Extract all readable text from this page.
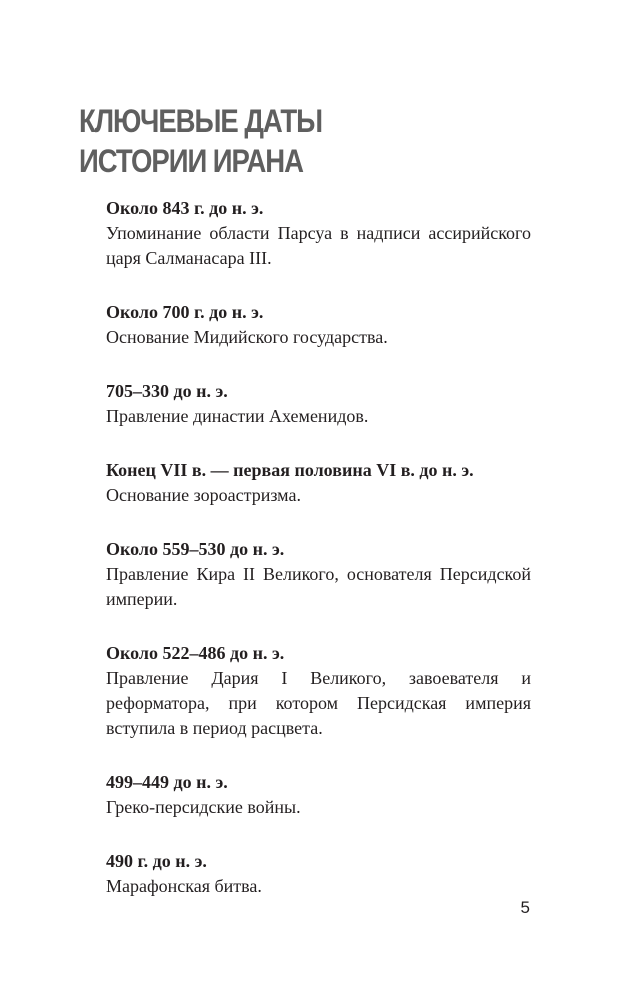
КЛЮЧЕВЫЕ ДАТЫ
ИСТОРИИ ИРАНА
Около 843 г. до н. э.
Упоминание области Парсуа в надписи ассирийского царя Салманасара III.
Около 700 г. до н. э.
Основание Мидийского государства.
705–330 до н. э.
Правление династии Ахеменидов.
Конец VII в. — первая половина VI в. до н. э.
Основание зороастризма.
Около 559–530 до н. э.
Правление Кира II Великого, основателя Персидской империи.
Около 522–486 до н. э.
Правление Дария I Великого, завоевателя и реформатора, при котором Персидская империя вступила в период расцвета.
499–449 до н. э.
Греко-персидские войны.
490 г. до н. э.
Марафонская битва.
5
